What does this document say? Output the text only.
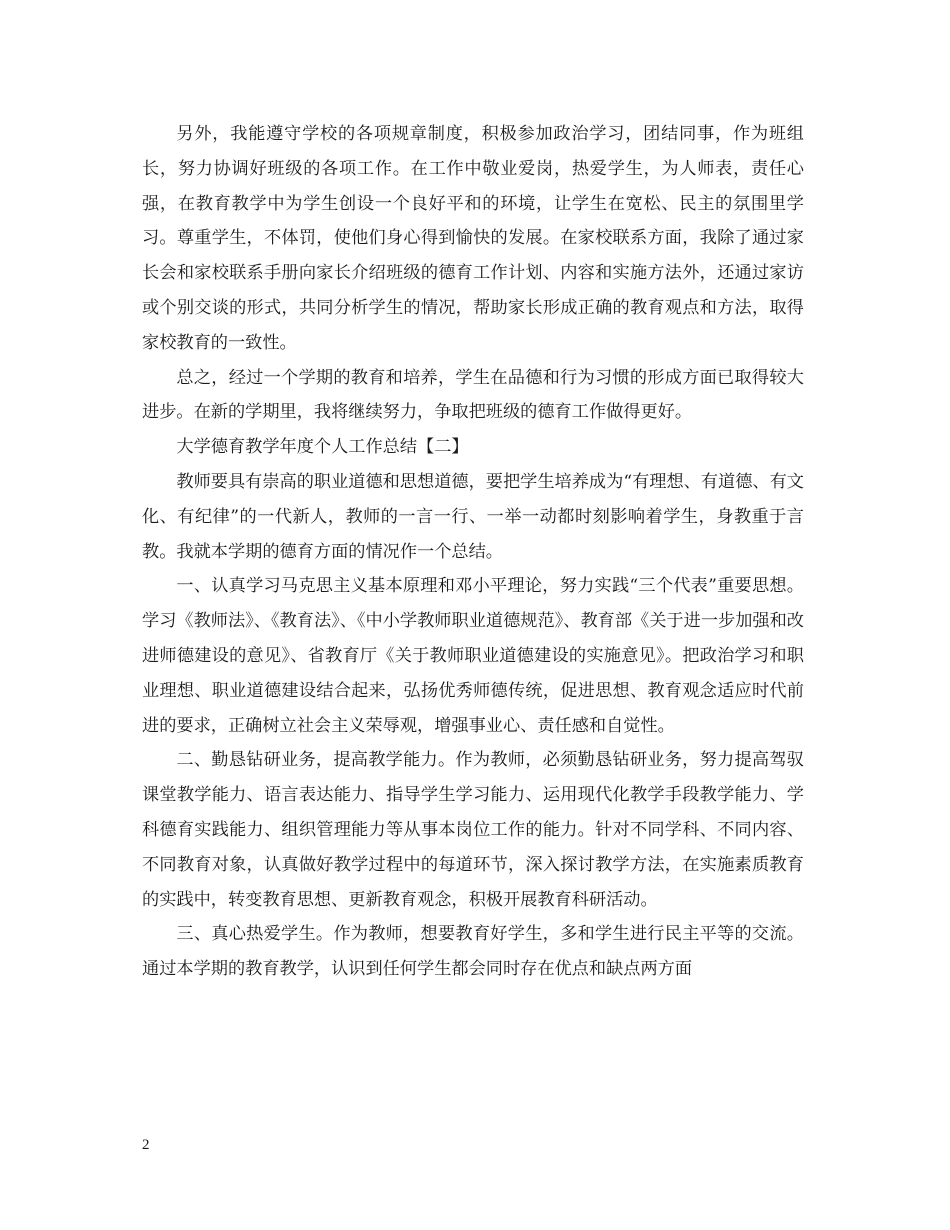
另外，我能遵守学校的各项规章制度，积极参加政治学习，团结同事，作为班组长，努力协调好班级的各项工作。在工作中敬业爱岗，热爱学生，为人师表，责任心强，在教育教学中为学生创设一个良好平和的环境，让学生在宽松、民主的氛围里学习。尊重学生，不体罚，使他们身心得到愉快的发展。在家校联系方面，我除了通过家长会和家校联系手册向家长介绍班级的德育工作计划、内容和实施方法外，还通过家访或个别交谈的形式，共同分析学生的情况，帮助家长形成正确的教育观点和方法，取得家校教育的一致性。

总之，经过一个学期的教育和培养，学生在品德和行为习惯的形成方面已取得较大进步。在新的学期里，我将继续努力，争取把班级的德育工作做得更好。

大学德育教学年度个人工作总结【二】

教师要具有崇高的职业道德和思想道德，要把学生培养成为“有理想、有道德、有文化、有纪律”的一代新人，教师的一言一行、一举一动都时刻影响着学生，身教重于言教。我就本学期的德育方面的情况作一个总结。

一、认真学习马克思主义基本原理和邓小平理论，努力实践“三个代表”重要思想。学习《教师法》、《教育法》、《中小学教师职业道德规范》、教育部《关于进一步加强和改进师德建设的意见》、省教育厅《关于教师职业道德建设的实施意见》。把政治学习和职业理想、职业道德建设结合起来，弘扬优秀师德传统，促进思想、教育观念适应时代前进的要求，正确树立社会主义荣辱观，增强事业心、责任感和自觉性。

二、勤恳钻研业务，提高教学能力。作为教师，必须勤恳钻研业务，努力提高驾驭课堂教学能力、语言表达能力、指导学生学习能力、运用现代化教学手段教学能力、学科德育实践能力、组织管理能力等从事本岗位工作的能力。针对不同学科、不同内容、不同教育对象，认真做好教学过程中的每道环节，深入探讨教学方法，在实施素质教育的实践中，转变教育思想、更新教育观念，积极开展教育科研活动。

三、真心热爱学生。作为教师，想要教育好学生，多和学生进行民主平等的交流。通过本学期的教育教学，认识到任何学生都会同时存在优点和缺点两方面

2
